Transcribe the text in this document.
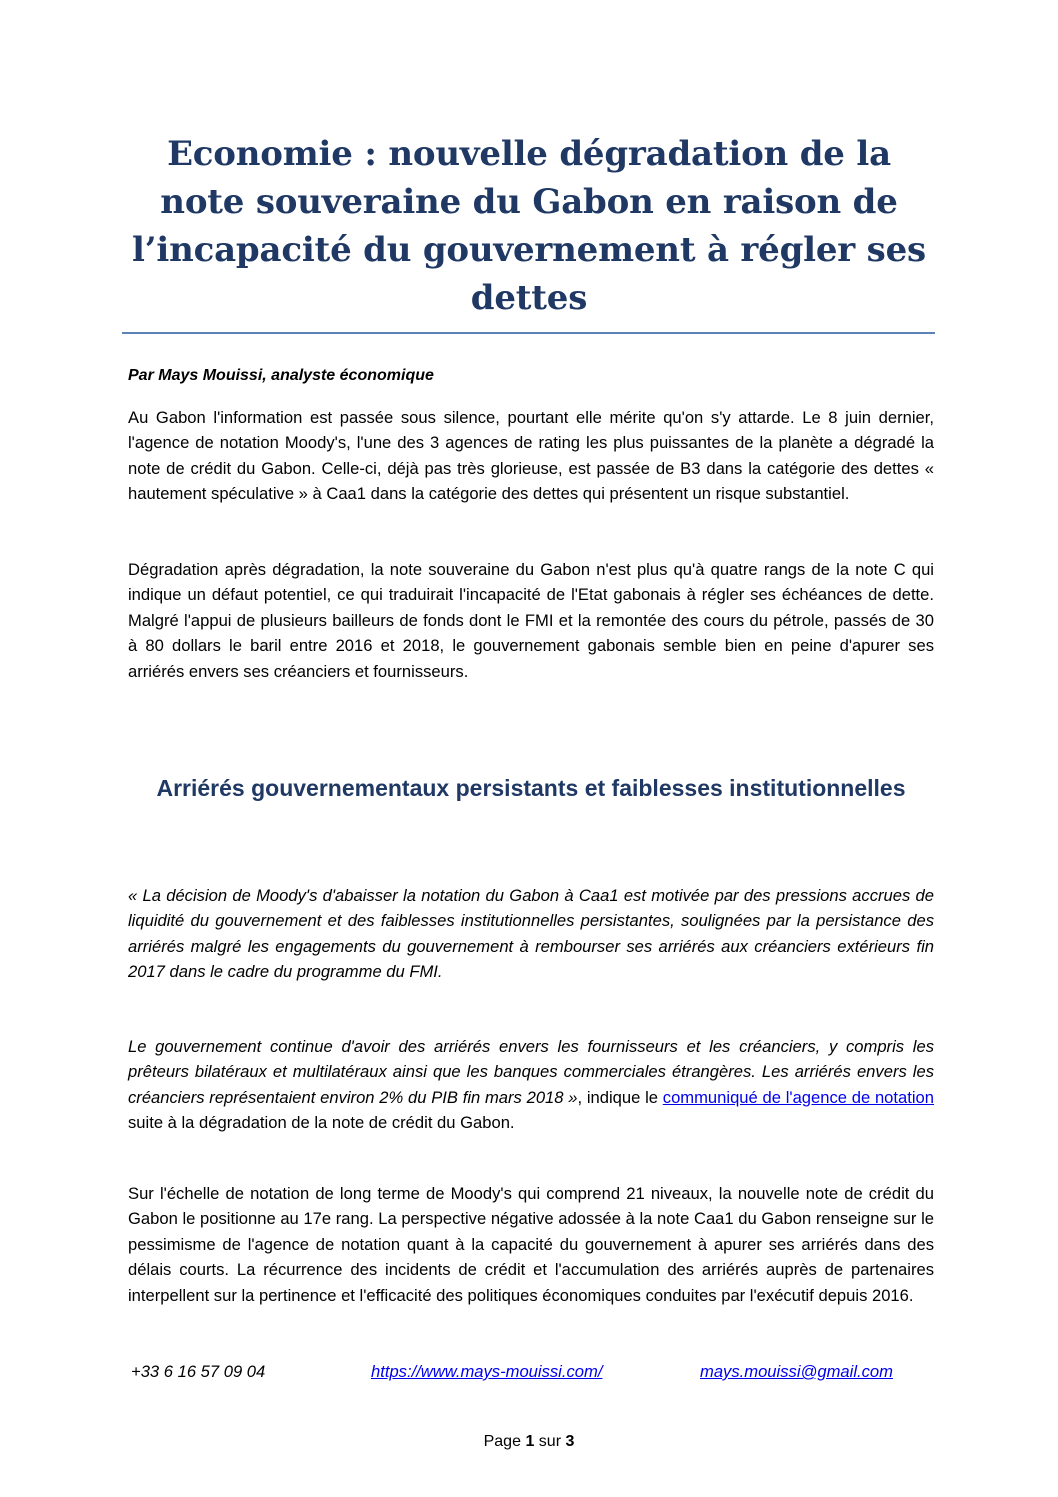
Economie : nouvelle dégradation de la note souveraine du Gabon en raison de l’incapacité du gouvernement à régler ses dettes

Par Mays Mouissi, analyste économique

Au Gabon l'information est passée sous silence, pourtant elle mérite qu'on s'y attarde. Le 8 juin dernier, l'agence de notation Moody's, l'une des 3 agences de rating les plus puissantes de la planète a dégradé la note de crédit du Gabon. Celle-ci, déjà pas très glorieuse, est passée de B3 dans la catégorie des dettes « hautement spéculative » à Caa1 dans la catégorie des dettes qui présentent un risque substantiel.

Dégradation après dégradation, la note souveraine du Gabon n'est plus qu'à quatre rangs de la note C qui indique un défaut potentiel, ce qui traduirait l'incapacité de l'Etat gabonais à régler ses échéances de dette. Malgré l'appui de plusieurs bailleurs de fonds dont le FMI et la remontée des cours du pétrole, passés de 30 à 80 dollars le baril entre 2016 et 2018, le gouvernement gabonais semble bien en peine d'apurer ses arriérés envers ses créanciers et fournisseurs.

Arriérés gouvernementaux persistants et faiblesses institutionnelles

« La décision de Moody's d'abaisser la notation du Gabon à Caa1 est motivée par des pressions accrues de liquidité du gouvernement et des faiblesses institutionnelles persistantes, soulignées par la persistance des arriérés malgré les engagements du gouvernement à rembourser ses arriérés aux créanciers extérieurs fin 2017 dans le cadre du programme du FMI.

Le gouvernement continue d'avoir des arriérés envers les fournisseurs et les créanciers, y compris les prêteurs bilatéraux et multilatéraux ainsi que les banques commerciales étrangères. Les arriérés envers les créanciers représentaient environ 2% du PIB fin mars 2018 », indique le communiqué de l'agence de notation suite à la dégradation de la note de crédit du Gabon.

Sur l'échelle de notation de long terme de Moody's qui comprend 21 niveaux, la nouvelle note de crédit du Gabon le positionne au 17e rang. La perspective négative adossée à la note Caa1 du Gabon renseigne sur le pessimisme de l'agence de notation quant à la capacité du gouvernement à apurer ses arriérés dans des délais courts. La récurrence des incidents de crédit et l'accumulation des arriérés auprès de partenaires interpellent sur la pertinence et l'efficacité des politiques économiques conduites par l'exécutif depuis 2016.

+33 6 16 57 09 04	https://www.mays-mouissi.com/	mays.mouissi@gmail.com
Page 1 sur 3
